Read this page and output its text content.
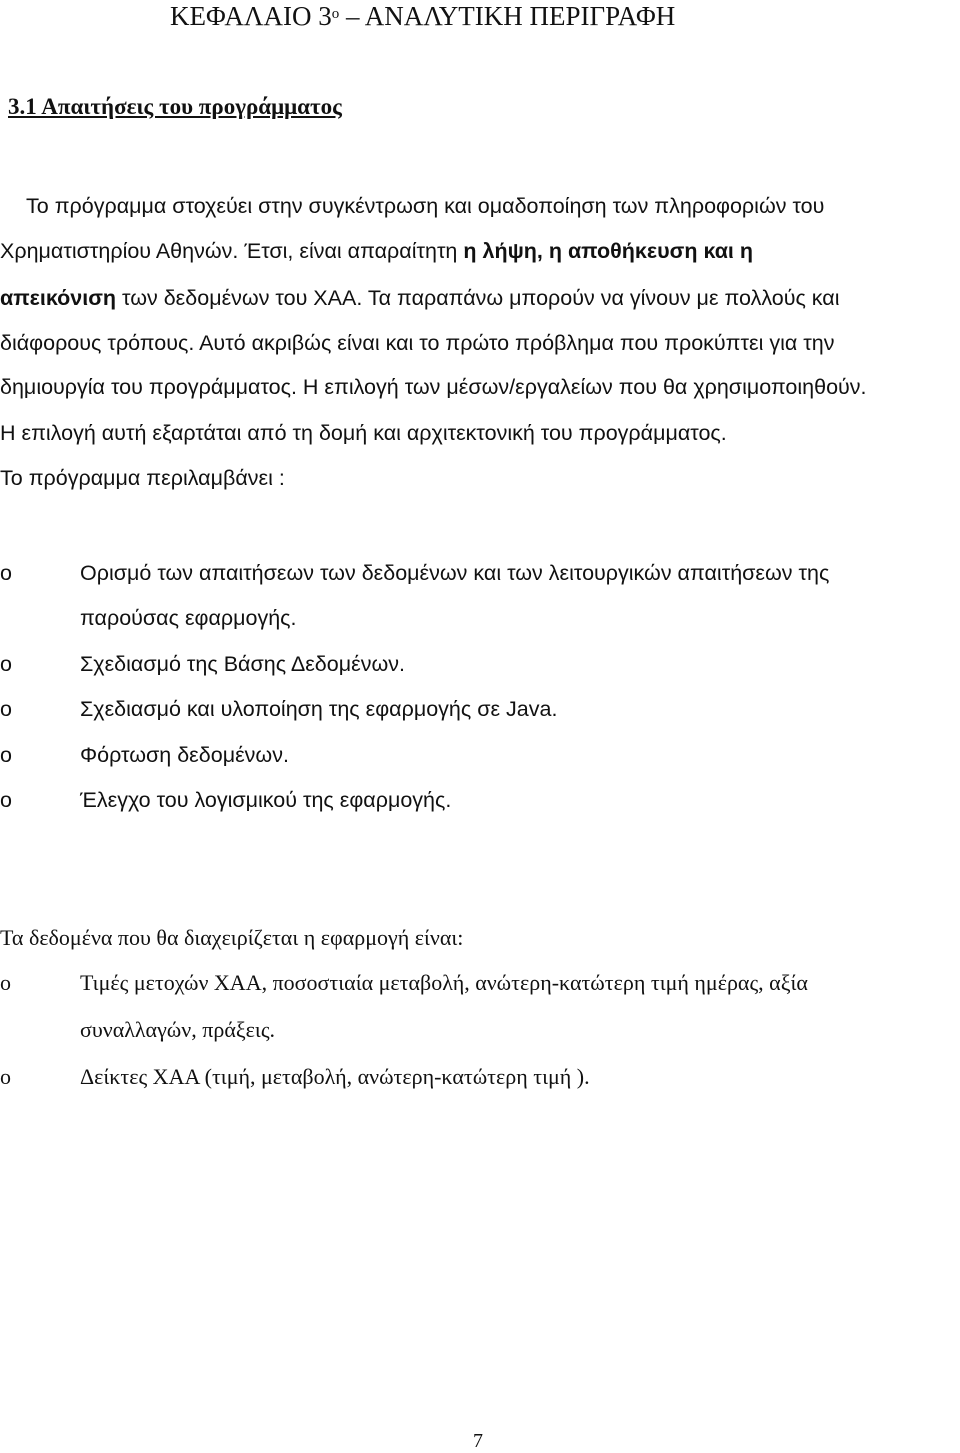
ΚΕΦΑΛΑΙΟ $3^o$ – ΑΝΑΛΥΤΙΚΗ ΠΕΡΙΓΡΑΦΗ
3.1 Απαιτήσεις του προγράμματος
Το πρόγραμμα στοχεύει στην συγκέντρωση και ομαδοποίηση των πληροφοριών του
Χρηματιστηρίου Αθηνών. Έτσι, είναι απαραίτητη η λήψη, η αποθήκευση και η
απεικόνιση των δεδομένων του ΧΑΑ. Τα παραπάνω μπορούν να γίνουν με πολλούς και
διάφορους τρόπους. Αυτό ακριβώς είναι και το πρώτο πρόβλημα που προκύπτει για την
δημιουργία του προγράμματος. Η επιλογή των μέσων/εργαλείων που θα χρησιμοποιηθούν.
Η επιλογή αυτή εξαρτάται από τη δομή και αρχιτεκτονική του προγράμματος.
Το πρόγραμμα περιλαμβάνει :
o	Ορισμό των απαιτήσεων των δεδομένων και των λειτουργικών απαιτήσεων της
παρούσας εφαρμογής.
o	Σχεδιασμό της Βάσης Δεδομένων.
o	Σχεδιασμό και υλοποίηση της εφαρμογής σε Java.
o	Φόρτωση δεδομένων.
o	Έλεγχο του λογισμικού της εφαρμογής.
Τα δεδομένα που θα διαχειρίζεται η εφαρμογή είναι:
o	Τιμές μετοχών ΧΑΑ, ποσοστιαία μεταβολή, ανώτερη-κατώτερη τιμή ημέρας, αξία
συναλλαγών, πράξεις.
o	Δείκτες ΧΑΑ (τιμή, μεταβολή, ανώτερη-κατώτερη τιμή ).
7
